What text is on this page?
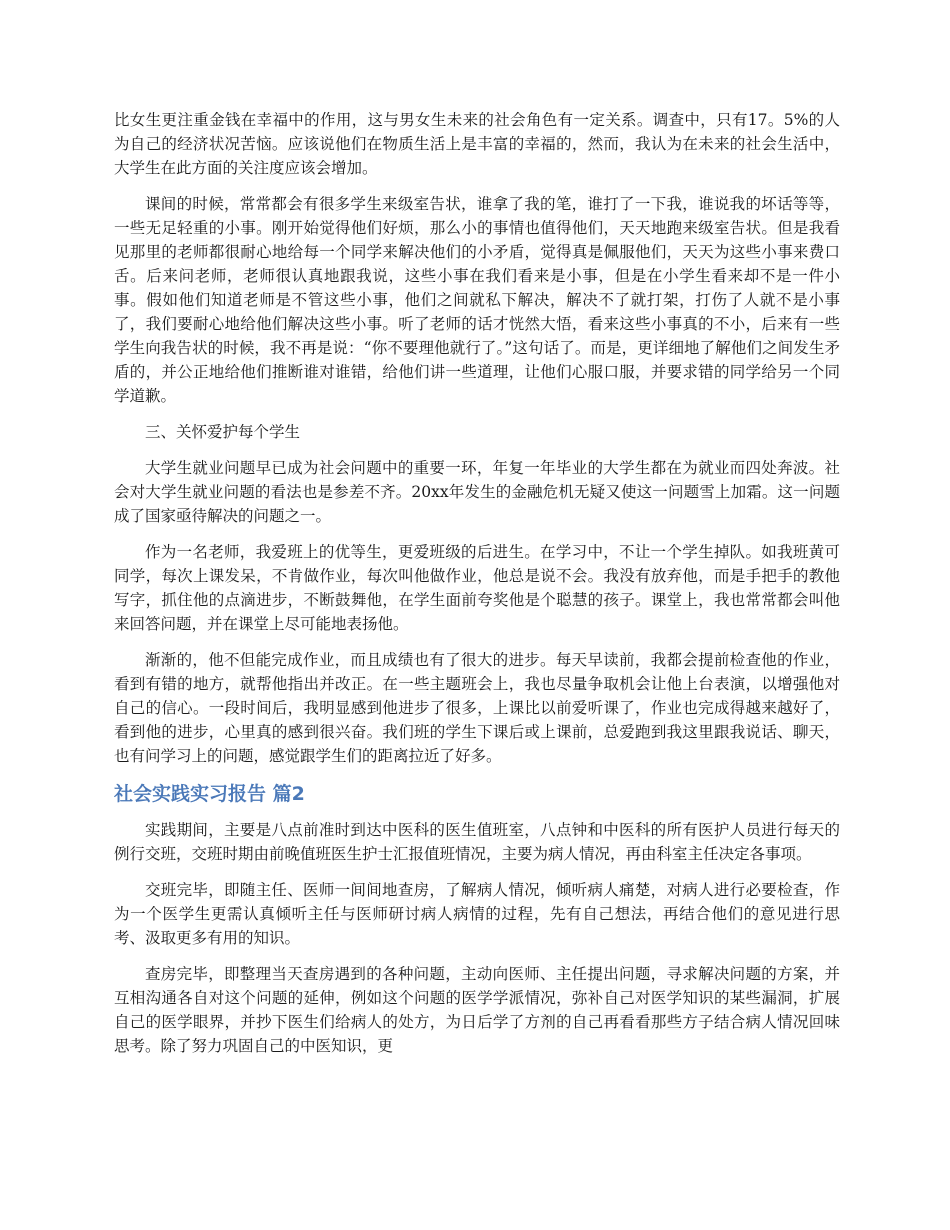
比女生更注重金钱在幸福中的作用，这与男女生未来的社会角色有一定关系。调查中，只有17。5%的人为自己的经济状况苦恼。应该说他们在物质生活上是丰富的幸福的，然而，我认为在未来的社会生活中，大学生在此方面的关注度应该会增加。

课间的时候，常常都会有很多学生来级室告状，谁拿了我的笔，谁打了一下我，谁说我的坏话等等，一些无足轻重的小事。刚开始觉得他们好烦，那么小的事情也值得他们，天天地跑来级室告状。但是我看见那里的老师都很耐心地给每一个同学来解决他们的小矛盾，觉得真是佩服他们，天天为这些小事来费口舌。后来问老师，老师很认真地跟我说，这些小事在我们看来是小事，但是在小学生看来却不是一件小事。假如他们知道老师是不管这些小事，他们之间就私下解决，解决不了就打架，打伤了人就不是小事了，我们要耐心地给他们解决这些小事。听了老师的话才恍然大悟，看来这些小事真的不小，后来有一些学生向我告状的时候，我不再是说：“你不要理他就行了。”这句话了。而是，更详细地了解他们之间发生矛盾的，并公正地给他们推断谁对谁错，给他们讲一些道理，让他们心服口服，并要求错的同学给另一个同学道歉。

三、关怀爱护每个学生

大学生就业问题早已成为社会问题中的重要一环，年复一年毕业的大学生都在为就业而四处奔波。社会对大学生就业问题的看法也是参差不齐。20xx年发生的金融危机无疑又使这一问题雪上加霜。这一问题成了国家亟待解决的问题之一。

作为一名老师，我爱班上的优等生，更爱班级的后进生。在学习中，不让一个学生掉队。如我班黄可同学，每次上课发呆，不肯做作业，每次叫他做作业，他总是说不会。我没有放弃他，而是手把手的教他写字，抓住他的点滴进步，不断鼓舞他，在学生面前夸奖他是个聪慧的孩子。课堂上，我也常常都会叫他来回答问题，并在课堂上尽可能地表扬他。

渐渐的，他不但能完成作业，而且成绩也有了很大的进步。每天早读前，我都会提前检查他的作业，看到有错的地方，就帮他指出并改正。在一些主题班会上，我也尽量争取机会让他上台表演，以增强他对自己的信心。一段时间后，我明显感到他进步了很多，上课比以前爱听课了，作业也完成得越来越好了，看到他的进步，心里真的感到很兴奋。我们班的学生下课后或上课前，总爱跑到我这里跟我说话、聊天，也有问学习上的问题，感觉跟学生们的距离拉近了好多。

社会实践实习报告 篇2

实践期间，主要是八点前准时到达中医科的医生值班室，八点钟和中医科的所有医护人员进行每天的例行交班，交班时期由前晚值班医生护士汇报值班情况，主要为病人情况，再由科室主任决定各事项。

交班完毕，即随主任、医师一间间地查房，了解病人情况，倾听病人痛楚，对病人进行必要检查，作为一个医学生更需认真倾听主任与医师研讨病人病情的过程，先有自己想法，再结合他们的意见进行思考、汲取更多有用的知识。

查房完毕，即整理当天查房遇到的各种问题，主动向医师、主任提出问题，寻求解决问题的方案，并互相沟通各自对这个问题的延伸，例如这个问题的医学学派情况，弥补自己对医学知识的某些漏洞，扩展自己的医学眼界，并抄下医生们给病人的处方，为日后学了方剂的自己再看看那些方子结合病人情况回味思考。除了努力巩固自己的中医知识，更
